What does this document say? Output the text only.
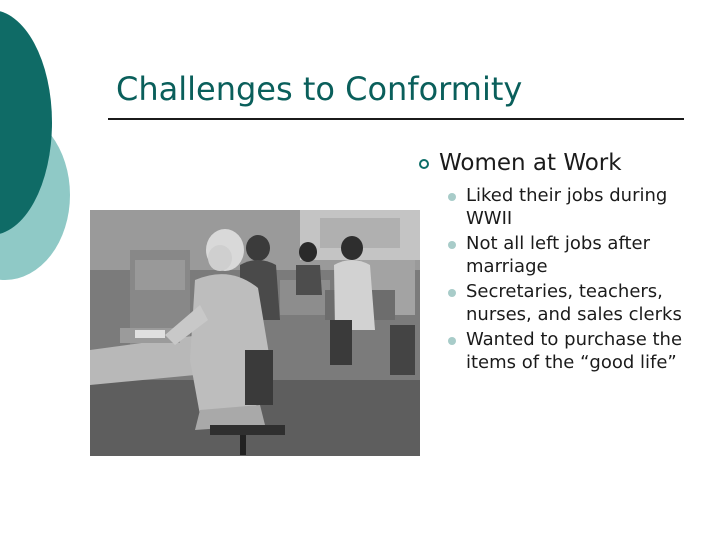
Challenges to Conformity
Women at Work
Liked their jobs during WWII
Not all left jobs after marriage
Secretaries, teachers, nurses, and sales clerks
Wanted to purchase the items of the “good life”
